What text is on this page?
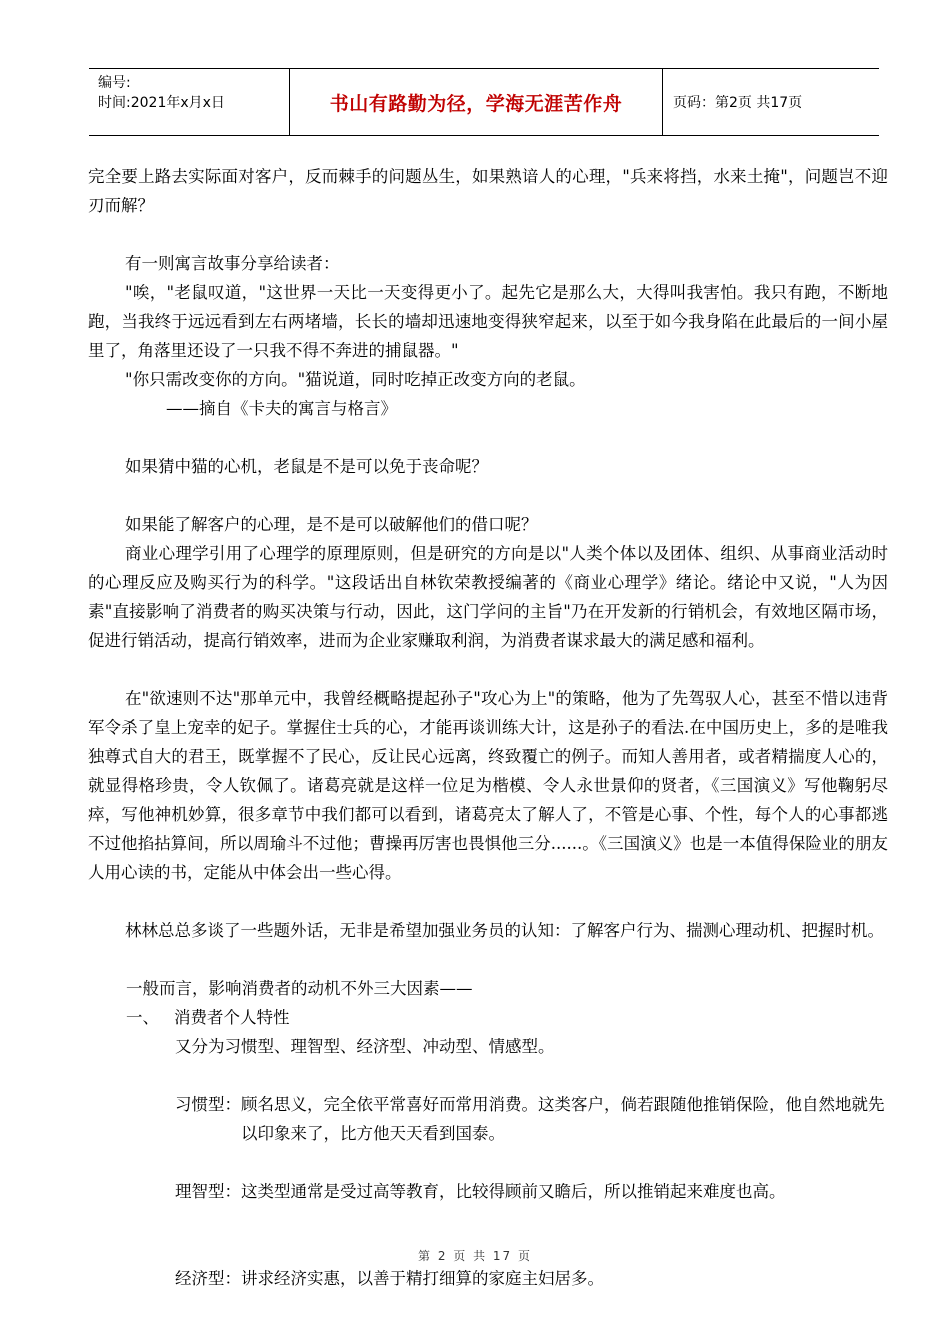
编号:
时间:2021年x月x日	书山有路勤为径，学海无涯苦作舟	页码：第2页 共17页

完全要上路去实际面对客户，反而棘手的问题丛生，如果熟谙人的心理，"兵来将挡，水来土掩"，问题岂不迎刃而解？

有一则寓言故事分享给读者：

"唉，"老鼠叹道，"这世界一天比一天变得更小了。起先它是那么大，大得叫我害怕。我只有跑，不断地跑，当我终于远远看到左右两堵墙，长长的墙却迅速地变得狭窄起来，以至于如今我身陷在此最后的一间小屋里了，角落里还设了一只我不得不奔进的捕鼠器。"

"你只需改变你的方向。"猫说道，同时吃掉正改变方向的老鼠。

——摘自《卡夫的寓言与格言》

如果猜中猫的心机，老鼠是不是可以免于丧命呢？

如果能了解客户的心理，是不是可以破解他们的借口呢？

商业心理学引用了心理学的原理原则，但是研究的方向是以"人类个体以及团体、组织、从事商业活动时的心理反应及购买行为的科学。"这段话出自林钦荣教授编著的《商业心理学》绪论。绪论中又说，"人为因素"直接影响了消费者的购买决策与行动，因此，这门学问的主旨"乃在开发新的行销机会，有效地区隔市场，促进行销活动，提高行销效率，进而为企业家赚取利润，为消费者谋求最大的满足感和福利。

在"欲速则不达"那单元中，我曾经概略提起孙子"攻心为上"的策略，他为了先驾驭人心，甚至不惜以违背军令杀了皇上宠幸的妃子。掌握住士兵的心，才能再谈训练大计，这是孙子的看法.在中国历史上，多的是唯我独尊式自大的君王，既掌握不了民心，反让民心远离，终致覆亡的例子。而知人善用者，或者精揣度人心的，就显得格珍贵，令人钦佩了。诸葛亮就是这样一位足为楷模、令人永世景仰的贤者，《三国演义》写他鞠躬尽瘁，写他神机妙算，很多章节中我们都可以看到，诸葛亮太了解人了，不管是心事、个性，每个人的心事都逃不过他掐拈算间，所以周瑜斗不过他；曹操再厉害也畏惧他三分......。《三国演义》也是一本值得保险业的朋友人用心读的书，定能从中体会出一些心得。

林林总总多谈了一些题外话，无非是希望加强业务员的认知：了解客户行为、揣测心理动机、把握时机。

一般而言，影响消费者的动机不外三大因素——

一、 消费者个人特性

又分为习惯型、理智型、经济型、冲动型、情感型。

习惯型： 顾名思义，完全依平常喜好而常用消费。这类客户，倘若跟随他推销保险，他自然地就先以印象来了，比方他天天看到国泰。
理智型： 这类型通常是受过高等教育，比较得顾前又瞻后，所以推销起来难度也高。
经济型： 讲求经济实惠，以善于精打细算的家庭主妇居多。
第 2 页 共 17 页
